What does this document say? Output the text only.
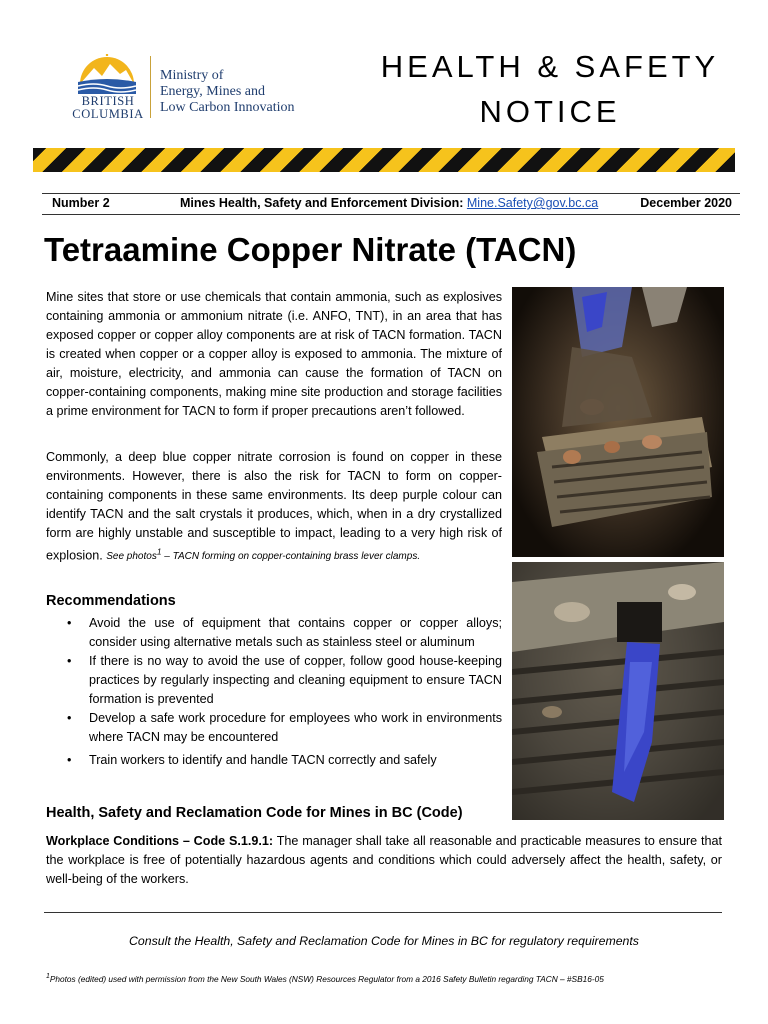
BRITISH
COLUMBIA
Ministry of
Energy, Mines and
Low Carbon Innovation
HEALTH & SAFETY
NOTICE
Number 2	Mines Health, Safety and Enforcement Division: Mine.Safety@gov.bc.ca	December 2020
Tetraamine Copper Nitrate (TACN)

Mine sites that store or use chemicals that contain ammonia, such as explosives containing ammonia or ammonium nitrate (i.e. ANFO, TNT), in an area that has exposed copper or copper alloy components are at risk of TACN formation. TACN is created when copper or a copper alloy is exposed to ammonia. The mixture of air, moisture, electricity, and ammonia can cause the formation of TACN on copper-containing components, making mine site production and storage facilities a prime environment for TACN to form if proper precautions aren’t followed.

Commonly, a deep blue copper nitrate corrosion is found on copper in these environments. However, there is also the risk for TACN to form on copper-containing components in these same environments. Its deep purple colour can identify TACN and the salt crystals it produces, which, when in a dry crystallized form are highly unstable and susceptible to impact, leading to a very high risk of explosion. See photos$^1$ – TACN forming on copper-containing brass lever clamps.

Recommendations
• Avoid the use of equipment that contains copper or copper alloys; consider using alternative metals such as stainless steel or aluminum
• If there is no way to avoid the use of copper, follow good house-keeping practices by regularly inspecting and cleaning equipment to ensure TACN formation is prevented
• Develop a safe work procedure for employees who work in environments where TACN may be encountered
• Train workers to identify and handle TACN correctly and safely
Health, Safety and Reclamation Code for Mines in BC (Code)

Workplace Conditions – Code S.1.9.1: The manager shall take all reasonable and practicable measures to ensure that the workplace is free of potentially hazardous agents and conditions which could adversely affect the health, safety, or well-being of the workers.

Consult the Health, Safety and Reclamation Code for Mines in BC for regulatory requirements
$^1$Photos (edited) used with permission from the New South Wales (NSW) Resources Regulator from a 2016 Safety Bulletin regarding TACN – #SB16-05
